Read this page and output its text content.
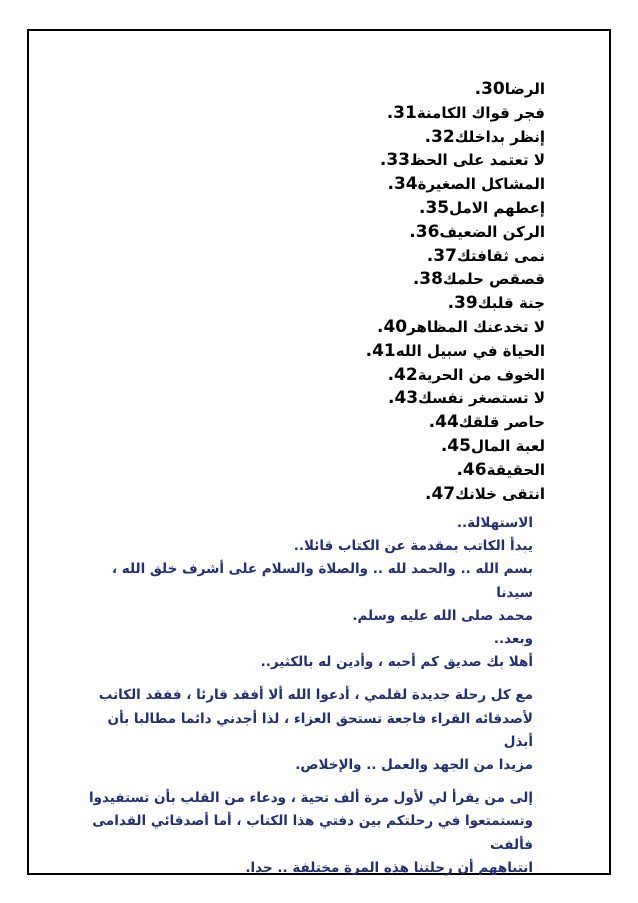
الرضا30.
فجر قواك الكامنة31.
إنظر بداخلك32.
لا تعتمد على الحظ33.
المشاكل الصغيرة34.
إعطهم الامل35.
الركن الضعيف36.
نمى ثقافتك37.
قصقص حلمك38.
جنة قلبك39.
لا تخدعنك المظاهر40.
الحياة في سبيل الله41.
الخوف من الحرية42.
لا تستصغر نفسك43.
حاصر قلقك44.
لعبة المال45.
الحقيقة46.
انتقى خلانك47.

الاستهلالة..

يبدأ الكاتب بمقدمة عن الكتاب قائلا..

بسم الله .. والحمد لله .. والصلاة والسلام على أشرف خلق الله ، سيدنا

محمد صلى الله عليه وسلم.

وبعد..

أهلا بك صديق كم أحبه ، وأدين له بالكثير..

مع كل رحلة جديدة لقلمي ، أدعوا الله ألا أفقد قارئا ، ففقد الكاتب

لأصدقائه القراء فاجعة تستحق العزاء ، لذا أجدني دائما مطالبا بأن أبذل

مزيدا من الجهد والعمل .. والإخلاص.

إلى من يقرأ لي لأول مرة ألف تحية ، ودعاء من القلب بأن تستفيدوا

وتستمتعوا في رحلتكم بين دفتي هذا الكتاب ، أما أصدقائي القدامى فألفت

انتباههم أن رحلتنا هذه المرة مختلفة .. جدا.
